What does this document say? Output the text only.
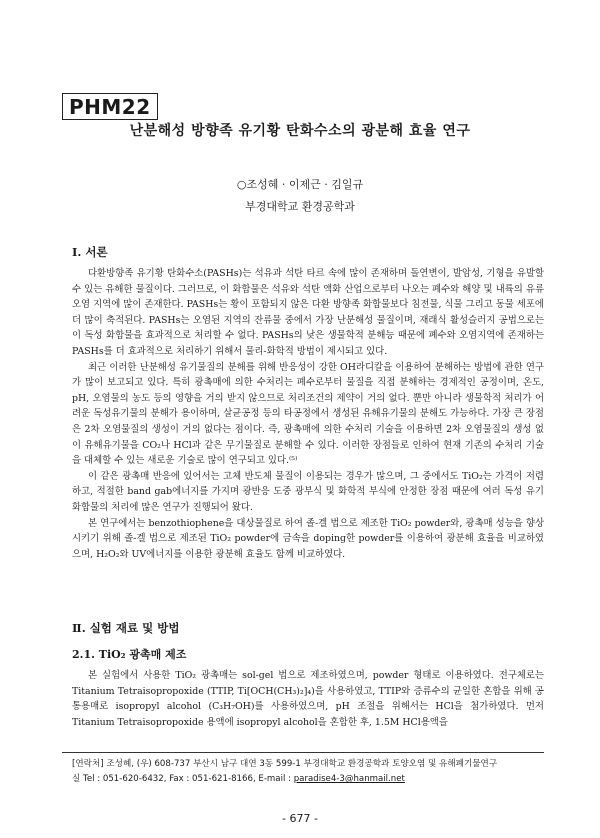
PHM22
난분해성 방향족 유기황 탄화수소의 광분해 효율 연구
○조성혜 · 이제근 · 김일규
부경대학교 환경공학과
Ⅰ. 서론

다환방향족 유기황 탄화수소(PASHs)는 석유과 석탄 타르 속에 많이 존재하며 돌연변이, 발암성, 기형을 유발할 수 있는 유해한 물질이다. 그러므로, 이 화합물은 석유와 석탄 액화 산업으로부터 나오는 폐수와 해양 및 내륙의 유류 오염 지역에 많이 존재한다. PASHs는 황이 포함되지 않은 다환 방향족 화합물보다 침전물, 식물 그리고 동물 세포에 더 많이 축적된다. PASHs는 오염된 지역의 잔류물 중에서 가장 난분해성 물질이며, 재래식 활성슬러지 공법으로는 이 독성 화합물을 효과적으로 처리할 수 없다. PASHs의 낮은 생물학적 분해능 때문에 폐수와 오염지역에 존재하는 PASHs를 더 효과적으로 처리하기 위해서 물리-화학적 방법이 제시되고 있다.

최근 이러한 난분해성 유기물질의 분해를 위해 반응성이 강한 OH라디칼을 이용하여 분해하는 방법에 관한 연구가 많이 보고되고 있다. 특히 광촉매에 의한 수처리는 폐수로부터 물질을 직접 분해하는 경제적인 공정이며, 온도, pH, 오염물의 농도 등의 영향을 거의 받지 않으므로 처리조건의 제약이 거의 없다. 뿐만 아니라 생물학적 처리가 어려운 독성유기물의 분해가 용이하며, 살균공정 등의 타공정에서 생성된 유해유기물의 분해도 가능하다. 가장 큰 장점은 2차 오염물질의 생성이 거의 없다는 점이다. 즉, 광촉매에 의한 수처리 기술을 이용하면 2차 오염물질의 생성 없이 유해유기물을 CO₂나 HCl과 같은 무기물질로 분해할 수 있다. 이러한 장점들로 인하여 현재 기존의 수처리 기술을 대체할 수 있는 새로운 기술로 많이 연구되고 있다.⁽⁵⁾

이 같은 광촉매 반응에 있어서는 고체 반도체 물질이 이용되는 경우가 많으며, 그 중에서도 TiO₂는 가격이 저렴하고, 적절한 band gab에너지를 가지며 광반응 도중 광부식 및 화학적 부식에 안정한 장점 때문에 여러 독성 유기화합물의 처리에 많은 연구가 진행되어 왔다.

본 연구에서는 benzothiophene을 대상물질로 하여 졸-겔 법으로 제조한 TiO₂ powder와, 광촉매 성능을 향상시키기 위해 졸-겔 법으로 제조된 TiO₂ powder에 금속을 doping한 powder를 이용하여 광분해 효율을 비교하였으며, H₂O₂와 UV에너지를 이용한 광분해 효율도 함께 비교하였다.

Ⅱ. 실험 재료 및 방법
2.1. TiO₂ 광촉매 제조

본 실험에서 사용한 TiO₂ 광촉매는 sol-gel 법으로 제조하였으며, powder 형태로 이용하였다. 전구체로는 Titanium Tetraisopropoxide (TTIP, Ti[OCH(CH₃)₂]₄)을 사용하였고, TTIP와 증류수의 균일한 혼합을 위해 공통용매로 isopropyl alcohol (C₃H₇OH)를 사용하였으며, pH 조절을 위해서는 HCl을 첨가하였다. 먼저 Titanium Tetraisopropoxide 용액에 isopropyl alcohol을 혼합한 후, 1.5M HCl용액을

[연락처] 조성혜, (우) 608-737 부산시 남구 대연 3동 599-1 부경대학교 환경공학과 토양오염 및 유해폐기물연구
실 Tel : 051-620-6432, Fax : 051-621-8166, E-mail : paradise4-3@hanmail.net
- 677 -
